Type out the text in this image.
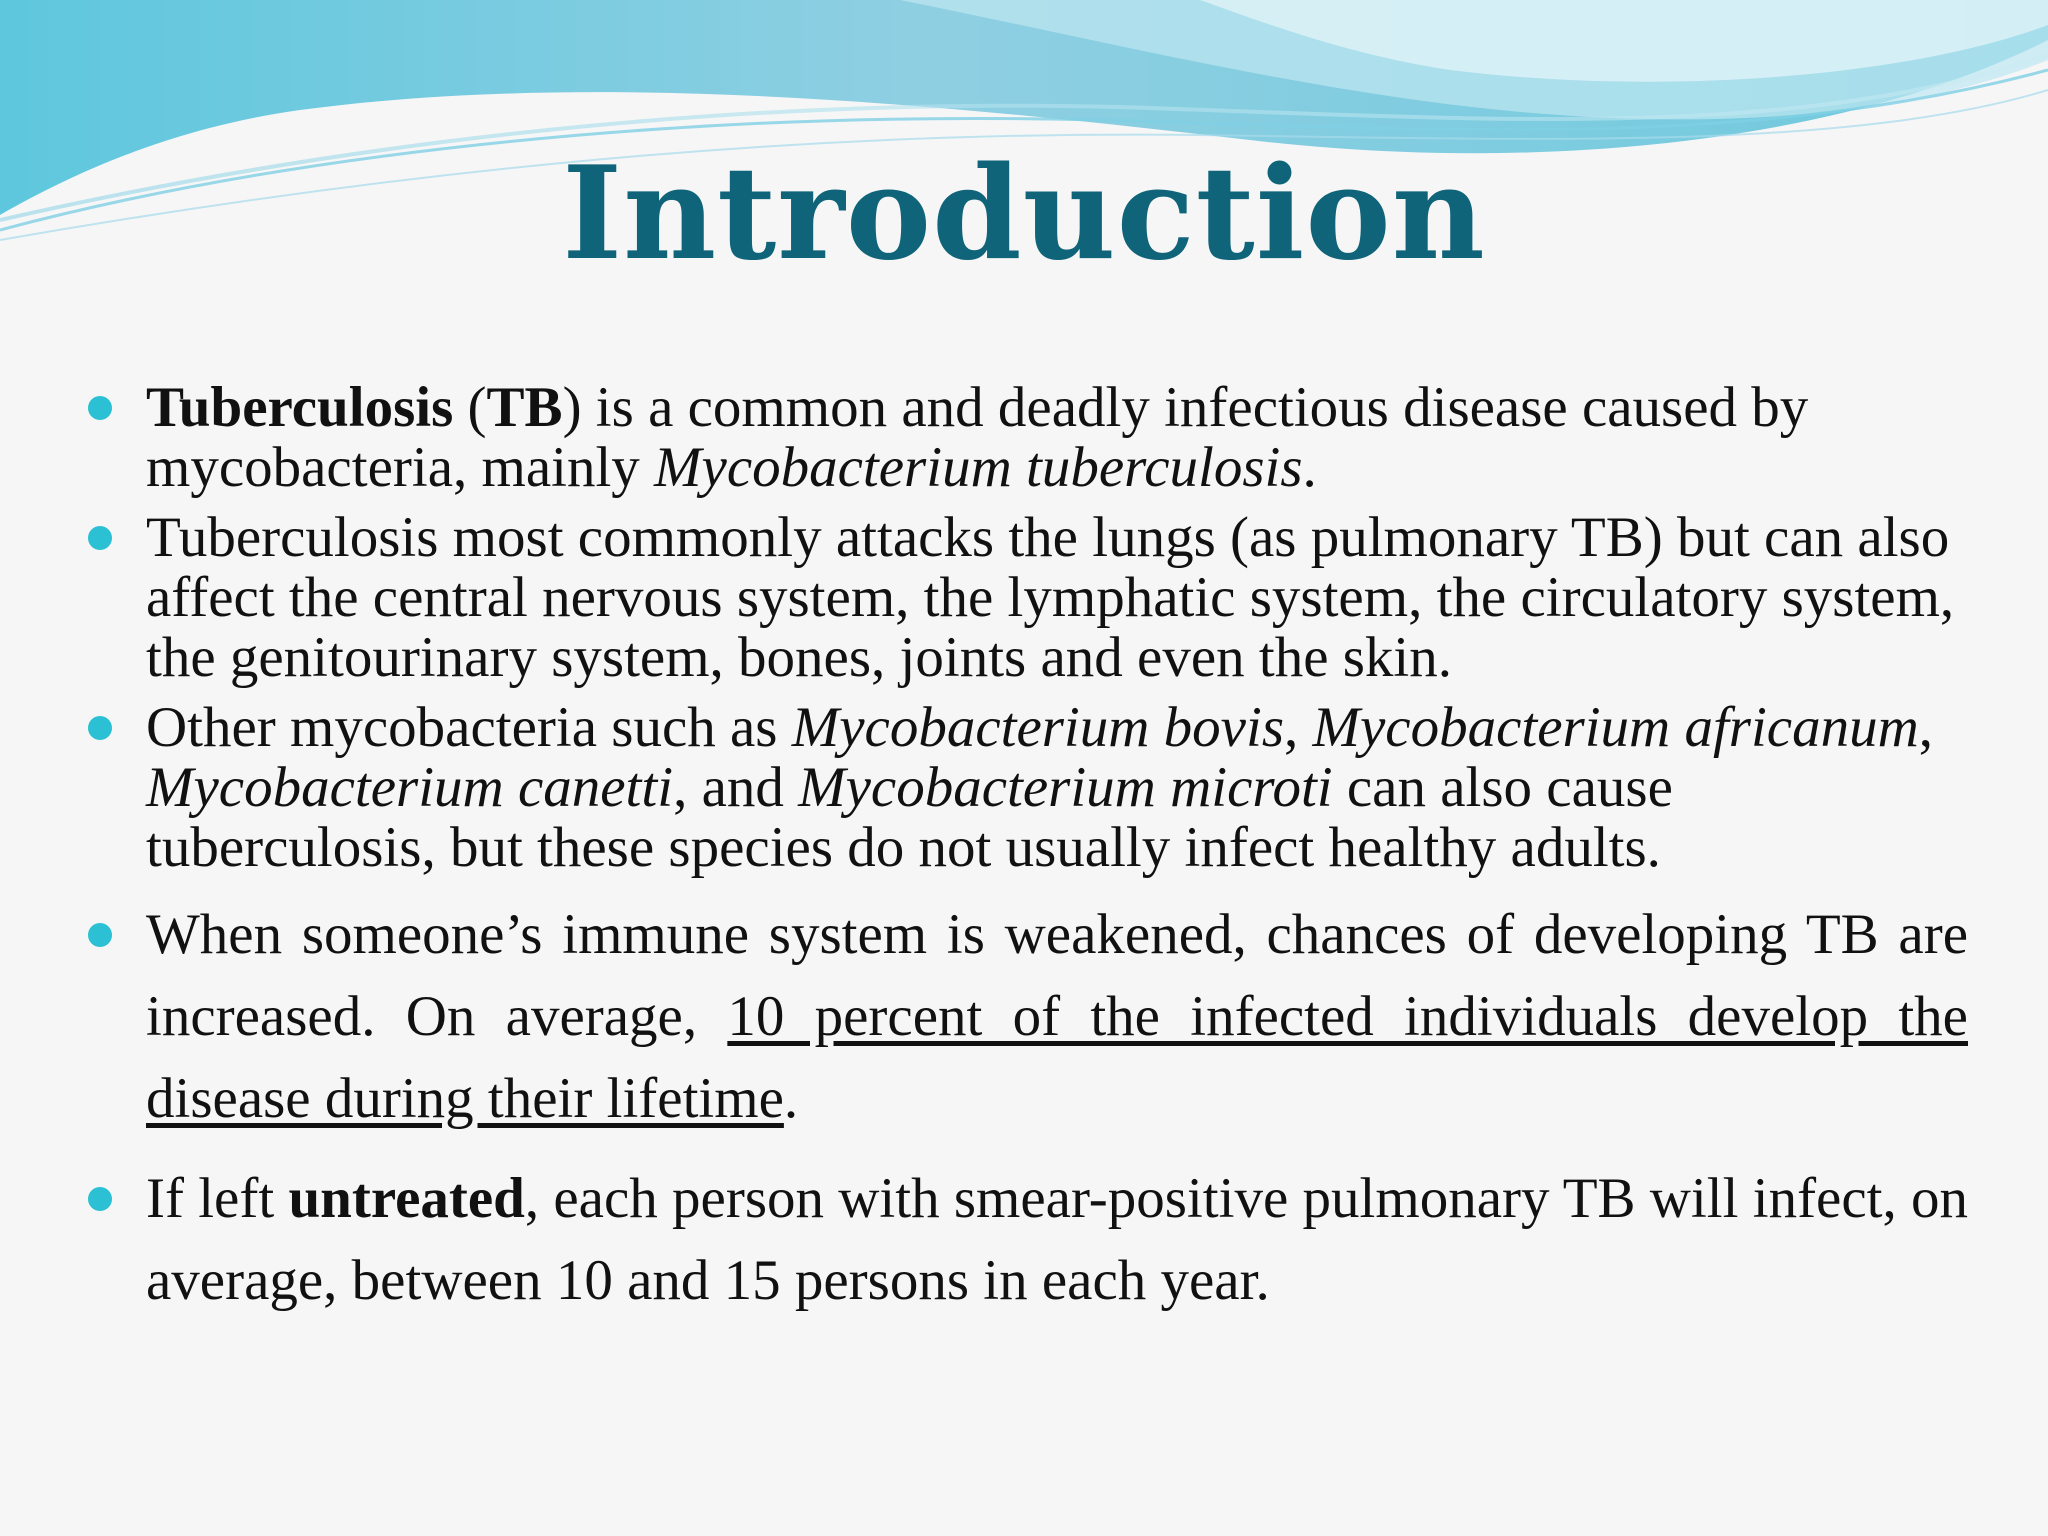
Introduction
Tuberculosis (TB) is a common and deadly infectious disease caused by mycobacteria, mainly Mycobacterium tuberculosis.
Tuberculosis most commonly attacks the lungs (as pulmonary TB) but can also affect the central nervous system, the lymphatic system, the circulatory system, the genitourinary system, bones, joints and even the skin.
Other mycobacteria such as Mycobacterium bovis, Mycobacterium africanum, Mycobacterium canetti, and Mycobacterium microti can also cause tuberculosis, but these species do not usually infect healthy adults.
When someone’s immune system is weakened, chances of developing TB are increased. On average, 10 percent of the infected individuals develop the disease during their lifetime.
If left untreated, each person with smear-positive pulmonary TB will infect, on average, between 10 and 15 persons in each year.
